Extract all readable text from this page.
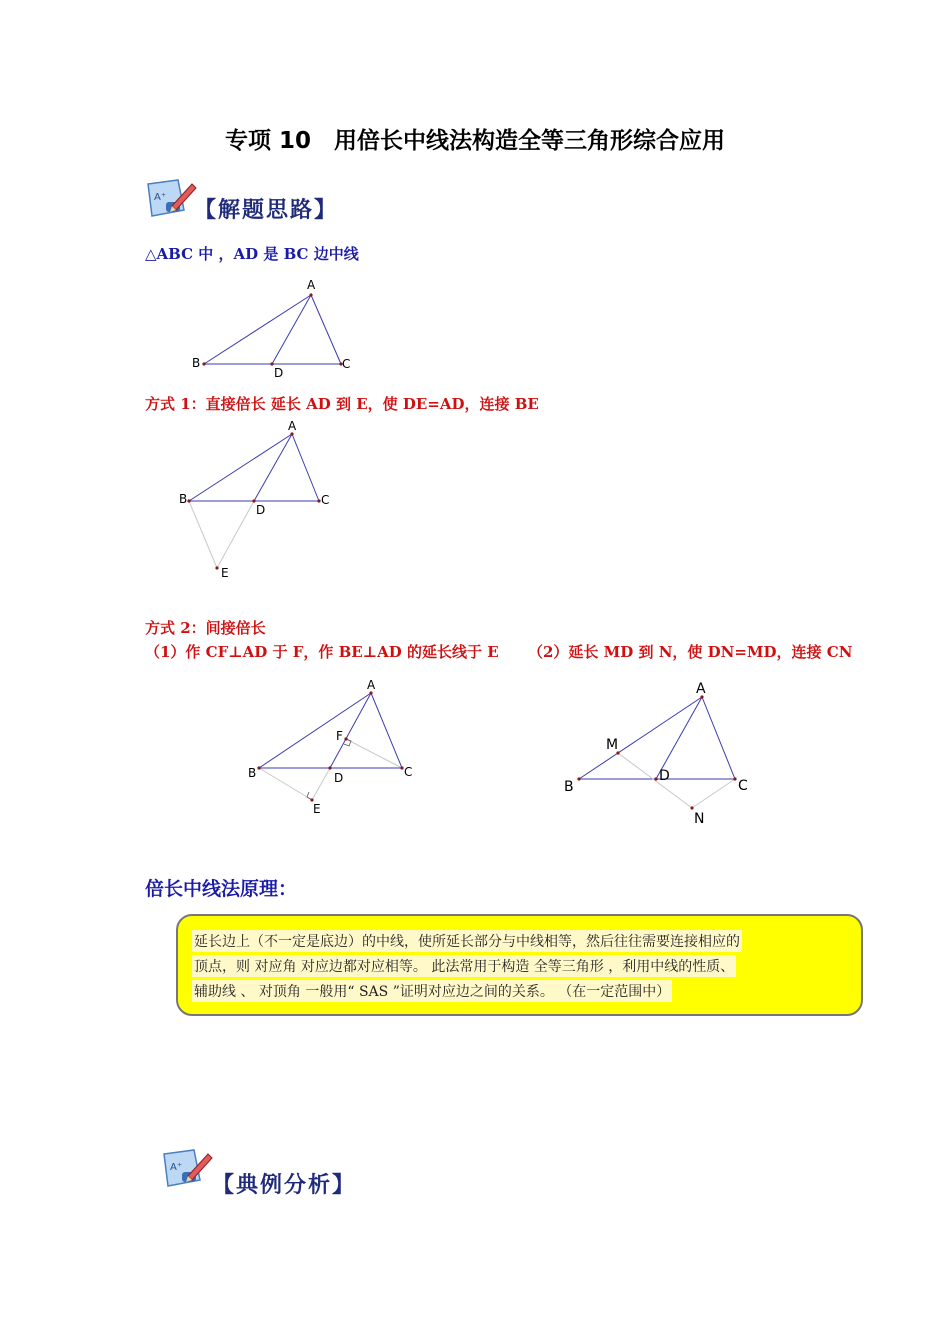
专项 10　用倍长中线法构造全等三角形综合应用
A⁺ 【解题思路】
△ABC 中 ，AD 是 BC 边中线
A
B	C
D
方式 1：直接倍长 延长 AD 到 E，使 DE=AD，连接 BE
A
B	C
D
E
方式 2：间接倍长
（1）作 CF⊥AD 于 F，作 BE⊥AD 的延长线于 E （2）延长 MD 到 N，使 DN=MD，连接 CN
A
B	C
D
E
F
A
B	C
D
M
N
倍长中线法原理：
延长边上（不一定是底边）的中线，使所延长部分与中线相等，然后往往需要连接相应的
顶点，则 对应角 对应边都对应相等。 此法常用于构造 全等三角形 ，利用中线的性质、
辅助线 、 对顶角 一般用“ SAS ”证明对应边之间的关系。 （在一定范围中）
A⁺
【典例分析】
